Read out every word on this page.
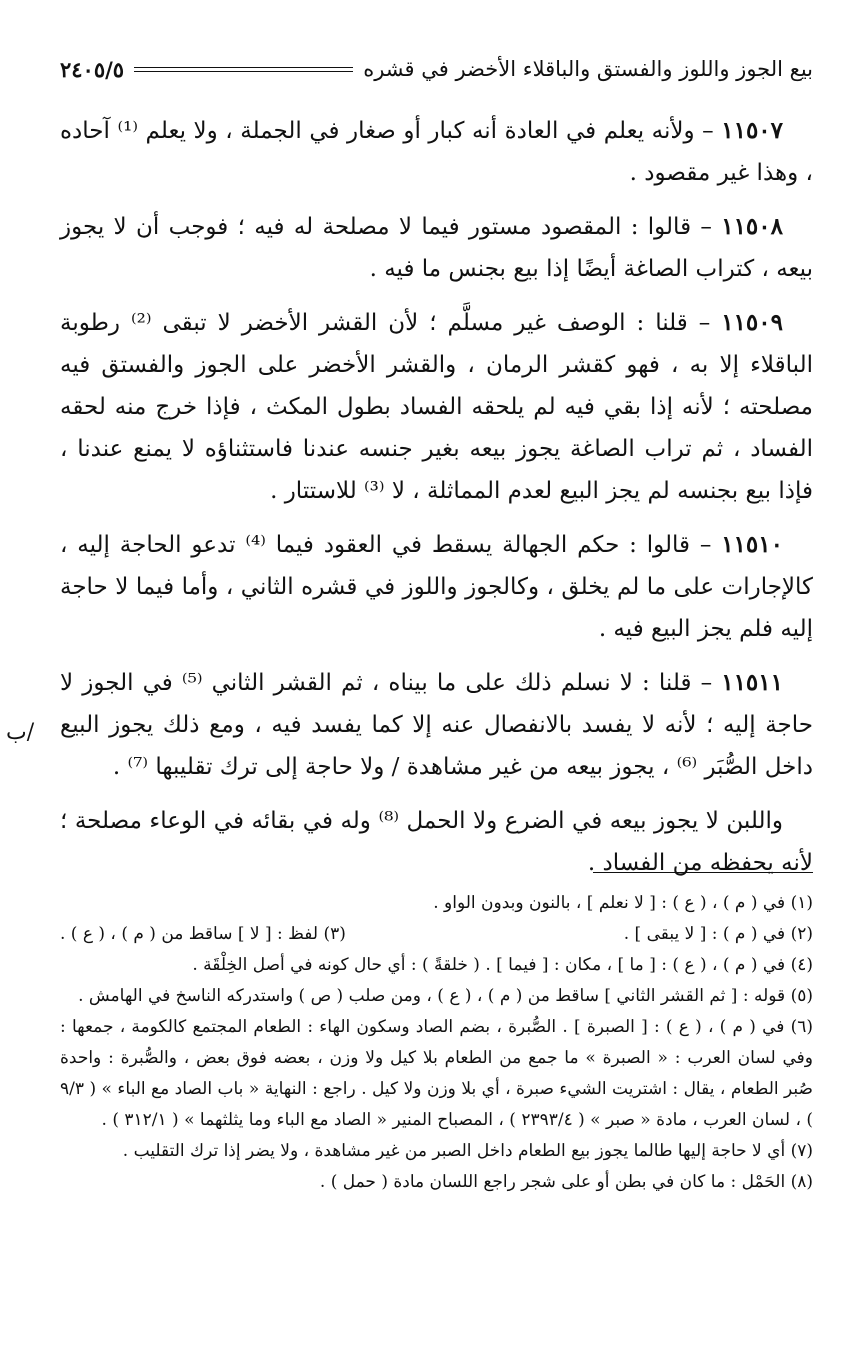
بيع الجوز واللوز والفستق والباقلاء الأخضر في قشره
٢٤٠٥/٥

١١٥٠٧ – ولأنه يعلم في العادة أنه كبار أو صغار في الجملة ، ولا يعلم ⁽¹⁾ آحاده ، وهذا غير مقصود .

١١٥٠٨ – قالوا : المقصود مستور فيما لا مصلحة له فيه ؛ فوجب أن لا يجوز بيعه ، كتراب الصاغة أيضًا إذا بيع بجنس ما فيه .

١١٥٠٩ – قلنا : الوصف غير مسلَّم ؛ لأن القشر الأخضر لا تبقى ⁽²⁾ رطوبة الباقلاء إلا به ، فهو كقشر الرمان ، والقشر الأخضر على الجوز والفستق فيه مصلحته ؛ لأنه إذا بقي فيه لم يلحقه الفساد بطول المكث ، فإذا خرج منه لحقه الفساد ، ثم تراب الصاغة يجوز بيعه بغير جنسه عندنا فاستثناؤه لا يمنع عندنا ، فإذا بيع بجنسه لم يجز البيع لعدم المماثلة ، لا ⁽³⁾ للاستتار .

١١٥١٠ – قالوا : حكم الجهالة يسقط في العقود فيما ⁽⁴⁾ تدعو الحاجة إليه ، كالإجارات على ما لم يخلق ، وكالجوز واللوز في قشره الثاني ، وأما فيما لا حاجة إليه فلم يجز البيع فيه .

١١٥١١ – قلنا : لا نسلم ذلك على ما بيناه ، ثم القشر الثاني ⁽⁵⁾ في الجوز لا حاجة إليه ؛ لأنه لا يفسد بالانفصال عنه إلا كما يفسد فيه ، ومع ذلك يجوز البيع داخل الصُّبَر ⁽⁶⁾ ، يجوز بيعه من غير مشاهدة / ولا حاجة إلى ترك تقليبها ⁽⁷⁾ .

واللبن لا يجوز بيعه في الضرع ولا الحمل ⁽⁸⁾ وله في بقائه في الوعاء مصلحة ؛ لأنه يحفظه من الفساد .

/ب

(١) في ( م ) ، ( ع ) : [ لا نعلم ] ، بالنون وبدون الواو .

(٢) في ( م ) : [ لا يبقى ] .
(٣) لفظ : [ لا ] ساقط من ( م ) ، ( ع ) .

(٤) في ( م ) ، ( ع ) : [ ما ] ، مكان : [ فيما ] . ( خلقةً ) : أي حال كونه في أصل الخِلْقَة .

(٥) قوله : [ ثم القشر الثاني ] ساقط من ( م ) ، ( ع ) ، ومن صلب ( ص ) واستدركه الناسخ في الهامش .

(٦) في ( م ) ، ( ع ) : [ الصبرة ] . الصُّبرة ، بضم الصاد وسكون الهاء : الطعام المجتمع كالكومة ، جمعها : وفي لسان العرب : « الصبرة » ما جمع من الطعام بلا كيل ولا وزن ، بعضه فوق بعض ، والصُّبرة : واحدة صُبر الطعام ، يقال : اشتريت الشيء صبرة ، أي بلا وزن ولا كيل . راجع : النهاية « باب الصاد مع الباء » ( ٩/٣ ) ، لسان العرب ، مادة « صبر » ( ٢٣٩٣/٤ ) ، المصباح المنير « الصاد مع الباء وما يثلثهما » ( ٣١٢/١ ) .

(٧) أي لا حاجة إليها طالما يجوز بيع الطعام داخل الصبر من غير مشاهدة ، ولا يضر إذا ترك التقليب .

(٨) الحَمْل : ما كان في بطن أو على شجر راجع اللسان مادة ( حمل ) .
